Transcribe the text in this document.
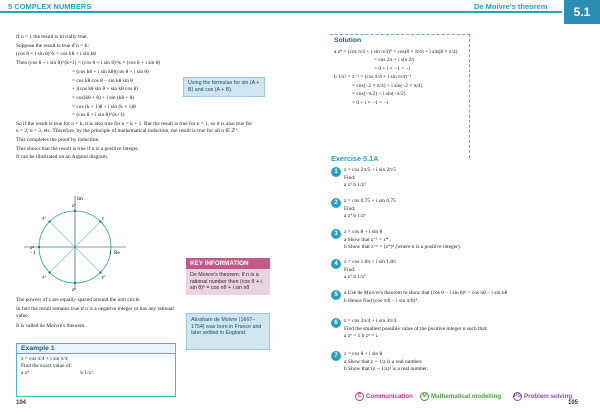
5 COMPLEX NUMBERS	De Moivre's theorem	5.1

If n = 1 the result is trivially true.

Suppose the result is true if n = k:

(cos θ + i sin θ)^k = cos kθ + i sin kθ

Then (cos θ + i sin θ)^(k+1) = (cos θ + i sin θ)^k × (cos θ + i sin θ)

= (cos kθ + i sin kθ)(cos θ + i sin θ)

= cos kθ cos θ − sin kθ sin θ

+ i(cos kθ sin θ + sin kθ cos θ)

= cos(kθ + θ) + i sin (kθ + θ)

= cos (k + 1)θ + i sin (k + 1)θ

= (cos θ + i sin θ)^(k+1)

So if the result is true for n = k, it is also true for n = k + 1. But the result is true for n = 1, so it is also true for n = 2, n = 3, etc. Therefore, by the principle of mathematical induction, the result is true for all n ∈ ℤ⁺.

This completes the proof by induction.

This shows that the result is true if n is a positive integer.

It can be illustrated on an Argand diagram.

Using the formulae for sin (A + B) and cos (A + B).
z
z²
z³
z⁴
z⁵
z⁶
z⁷
Im
Re
1
−1

The powers of z are equally spaced around the unit circle.

In fact the result remains true if n is a negative integer or has any rational value.

It is called de Moivre's theorem.

KEY INFORMATION
De Moivre's theorem: If n is a rational number then (cos θ + i sin θ)ⁿ = cos nθ + i sin nθ
Abraham de Moivre (1667–1754) was born in France and later settled in England.
Example 1
z = cos π/4 + i sin π/4
Find the exact value of:
a z⁸	b 1/z².
104
Solution
a z⁸ = (cos π/4 + i sin π/4)⁸ = cos(8 × π/4) + i sin(8 × π/4)
= cos 2π + i sin 2π
= 0 + i × −1 = −i
b 1/z² = z⁻² = (cos π/4 + i sin π/4)⁻²
= cos(−2 × π/4) + i sin(−2 × π/4)
= cos(−π/2) + i sin(−π/2)
= 0 + i × −1 = −i
Exercise 5.1A
1	z = cos 2π/5 + i sin 2π/5
Find:
a z⁵ b 1/z⁵
2	z = cos 0.75 + i sin 0.75
Find:
a z⁴ b 1/z⁶
3	z = cos θ + i sin θ
a Show that z⁻¹ = z*.
b Show that z⁻ⁿ = (z*)ⁿ (where n is a positive integer).
4	z = cos 1.8π + i sin 1.8π
Find:
a z⁵ b 1/z⁵
5	a Use de Moivre's theorem to show that (cos θ − i sin θ)ⁿ = cos nθ − i sin nθ
b Hence find (cos π/8 − i sin π/8)⁴.
6	z = cos 3π/4 + i sin 3π/4
Find the smallest possible value of the positive integer n such that:
a zⁿ = 1 b zⁿ = i.
7	z = cos θ + i sin θ
a Show that z + 1/z is a real number.
b Show that (z − 1/z)² is a real number.
C Communication	M Mathematical modelling PS Problem solving
105
